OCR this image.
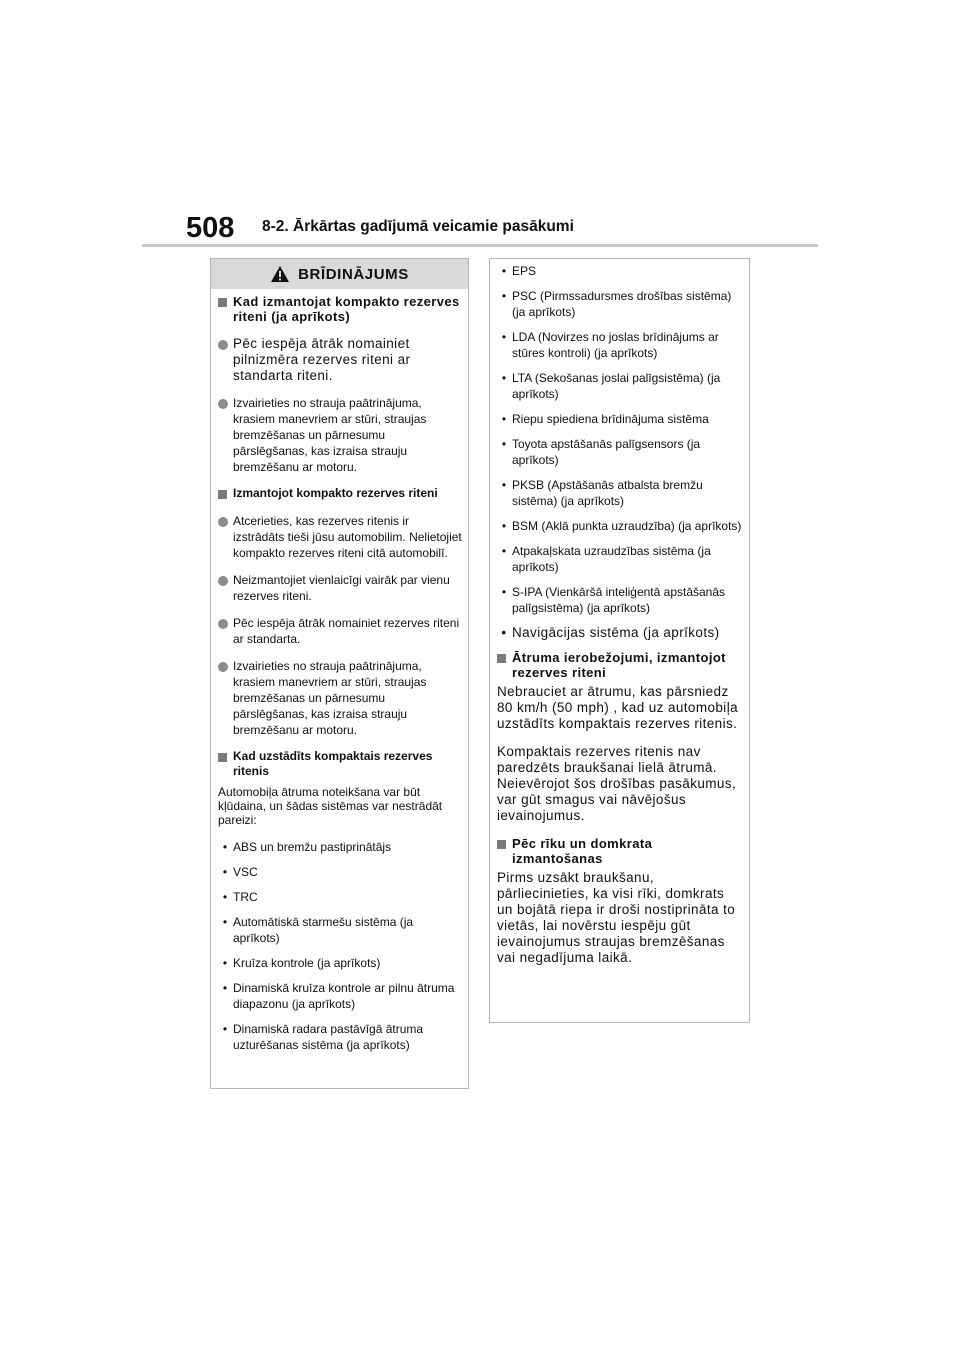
508 8-2. Ārkārtas gadījumā veicamie pasākumi
BRĪDINĀJUMS
Kad izmantojat kompakto rezerves riteni (ja aprīkots)
Pēc iespēja ātrāk nomainiet pilnizmēra rezerves riteni ar standarta riteni.
Izvairieties no strauja paātrinājuma, krasiem manevriem ar stūri, straujas bremzēšanas un pārnesumu pārslēgšanas, kas izraisa strauju bremzēšanu ar motoru.
Izmantojot kompakto rezerves riteni
Atcerieties, kas rezerves ritenis ir izstrādāts tieši jūsu automobilim. Nelietojiet kompakto rezerves riteni citā automobilī.
Neizmantojiet vienlaicīgi vairāk par vienu rezerves riteni.
Pēc iespēja ātrāk nomainiet rezerves riteni ar standarta.
Izvairieties no strauja paātrinājuma, krasiem manevriem ar stūri, straujas bremzēšanas un pārnesumu pārslēgšanas, kas izraisa strauju bremzēšanu ar motoru.
Kad uzstādīts kompaktais rezerves ritenis
Automobiļa ātruma noteikšana var būt kļūdaina, un šādas sistēmas var nestrādāt pareizi:
• ABS un bremžu pastiprinātājs
• VSC
• TRC
• Automātiskā starmešu sistēma (ja aprīkots)
• Kruīza kontrole (ja aprīkots)
• Dinamiskā kruīza kontrole ar pilnu ātruma diapazonu (ja aprīkots)
• Dinamiskā radara pastāvīgā ātruma uzturēšanas sistēma (ja aprīkots)
• EPS
• PSC (Pirmssadursmes drošības sistēma) (ja aprīkots)
• LDA (Novirzes no joslas brīdinājums ar stūres kontroli) (ja aprīkots)
• LTA (Sekošanas joslai palīgsistēma) (ja aprīkots)
• Riepu spiediena brīdinājuma sistēma
• Toyota apstāšanās palīgsensors (ja aprīkots)
• PKSB (Apstāšanās atbalsta bremžu sistēma) (ja aprīkots)
• BSM (Aklā punkta uzraudzība) (ja aprīkots)
• Atpakaļskata uzraudzības sistēma (ja aprīkots)
• S-IPA (Vienkāršā inteliģentā apstāšanās palīgsistēma) (ja aprīkots)
• Navigācijas sistēma (ja aprīkots)
Ātruma ierobežojumi, izmantojot rezerves riteni
Nebrauciet ar ātrumu, kas pārsniedz 80 km/h (50 mph) , kad uz automobiļa uzstādīts kompaktais rezerves ritenis.
Kompaktais rezerves ritenis nav paredzēts braukšanai lielā ātrumā. Neievērojot šos drošības pasākumus, var gūt smagus vai nāvējošus ievainojumus.
Pēc rīku un domkrata izmantošanas
Pirms uzsākt braukšanu, pārliecinieties, ka visi rīki, domkrats un bojātā riepa ir droši nostiprināta to vietās, lai novērstu iespēju gūt ievainojumus straujas bremzēšanas vai negadījuma laikā.
